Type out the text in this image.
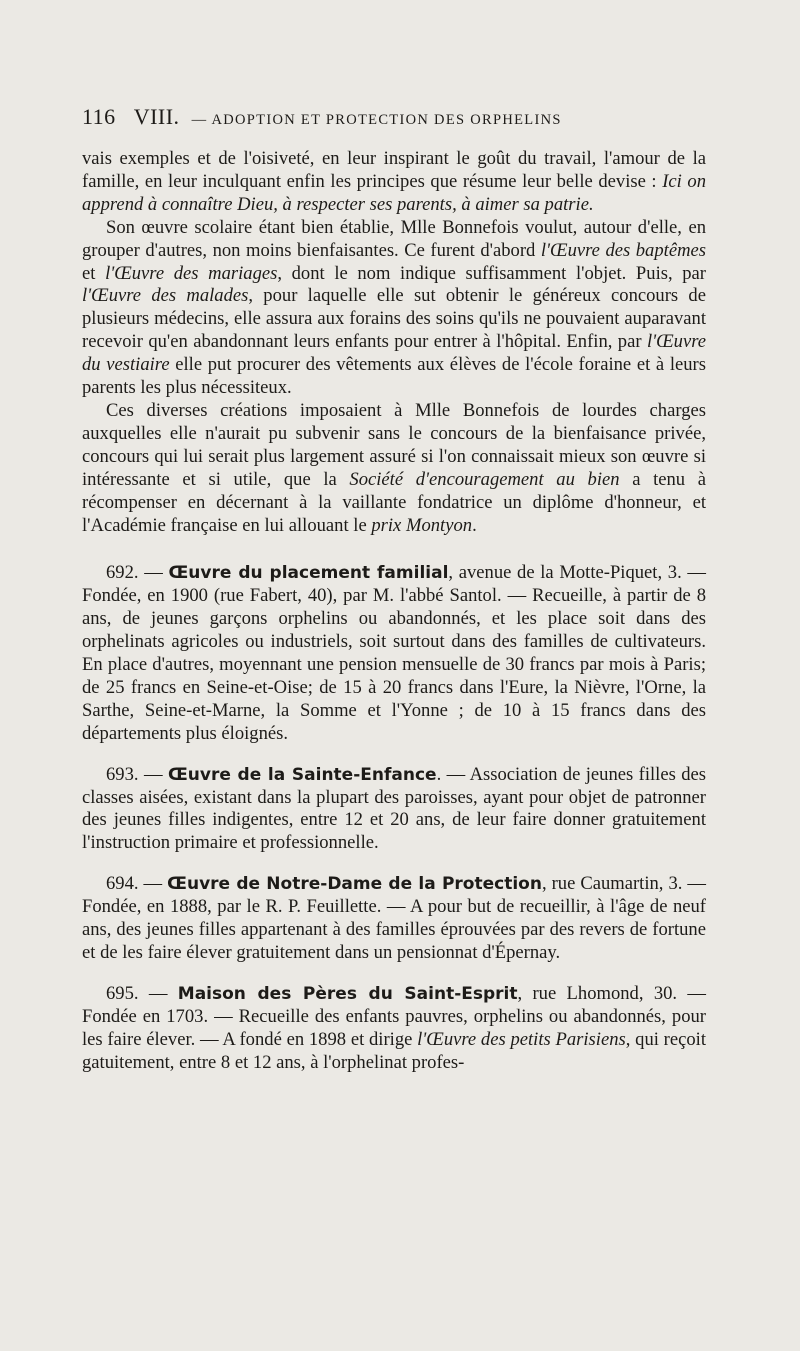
116 VIII. — ADOPTION ET PROTECTION DES ORPHELINS

vais exemples et de l'oisiveté, en leur inspirant le goût du travail, l'amour de la famille, en leur inculquant enfin les principes que résume leur belle devise : Ici on apprend à connaître Dieu, à respecter ses parents, à aimer sa patrie.

Son œuvre scolaire étant bien établie, Mlle Bonnefois voulut, autour d'elle, en grouper d'autres, non moins bienfaisantes. Ce furent d'abord l'Œuvre des baptêmes et l'Œuvre des mariages, dont le nom indique suffisamment l'objet. Puis, par l'Œuvre des malades, pour laquelle elle sut obtenir le généreux concours de plusieurs médecins, elle assura aux forains des soins qu'ils ne pouvaient auparavant recevoir qu'en abandonnant leurs enfants pour entrer à l'hôpital. Enfin, par l'Œuvre du vestiaire elle put procurer des vêtements aux élèves de l'école foraine et à leurs parents les plus nécessiteux.

Ces diverses créations imposaient à Mlle Bonnefois de lourdes charges auxquelles elle n'aurait pu subvenir sans le concours de la bienfaisance privée, concours qui lui serait plus largement assuré si l'on connaissait mieux son œuvre si intéressante et si utile, que la Société d'encouragement au bien a tenu à récompenser en décernant à la vaillante fondatrice un diplôme d'honneur, et l'Académie française en lui allouant le prix Montyon.

692. — Œuvre du placement familial, avenue de la Motte-Piquet, 3. — Fondée, en 1900 (rue Fabert, 40), par M. l'abbé Santol. — Recueille, à partir de 8 ans, de jeunes garçons orphelins ou abandonnés, et les place soit dans des orphelinats agricoles ou industriels, soit surtout dans des familles de cultivateurs. En place d'autres, moyennant une pension mensuelle de 30 francs par mois à Paris; de 25 francs en Seine-et-Oise; de 15 à 20 francs dans l'Eure, la Nièvre, l'Orne, la Sarthe, Seine-et-Marne, la Somme et l'Yonne ; de 10 à 15 francs dans des départements plus éloignés.

693. — Œuvre de la Sainte-Enfance. — Association de jeunes filles des classes aisées, existant dans la plupart des paroisses, ayant pour objet de patronner des jeunes filles indigentes, entre 12 et 20 ans, de leur faire donner gratuitement l'instruction primaire et professionnelle.

694. — Œuvre de Notre-Dame de la Protection, rue Caumartin, 3. — Fondée, en 1888, par le R. P. Feuillette. — A pour but de recueillir, à l'âge de neuf ans, des jeunes filles appartenant à des familles éprouvées par des revers de fortune et de les faire élever gratuitement dans un pensionnat d'Épernay.

695. — Maison des Pères du Saint-Esprit, rue Lhomond, 30. — Fondée en 1703. — Recueille des enfants pauvres, orphelins ou abandonnés, pour les faire élever. — A fondé en 1898 et dirige l'Œuvre des petits Parisiens, qui reçoit gatuitement, entre 8 et 12 ans, à l'orphelinat profes-
